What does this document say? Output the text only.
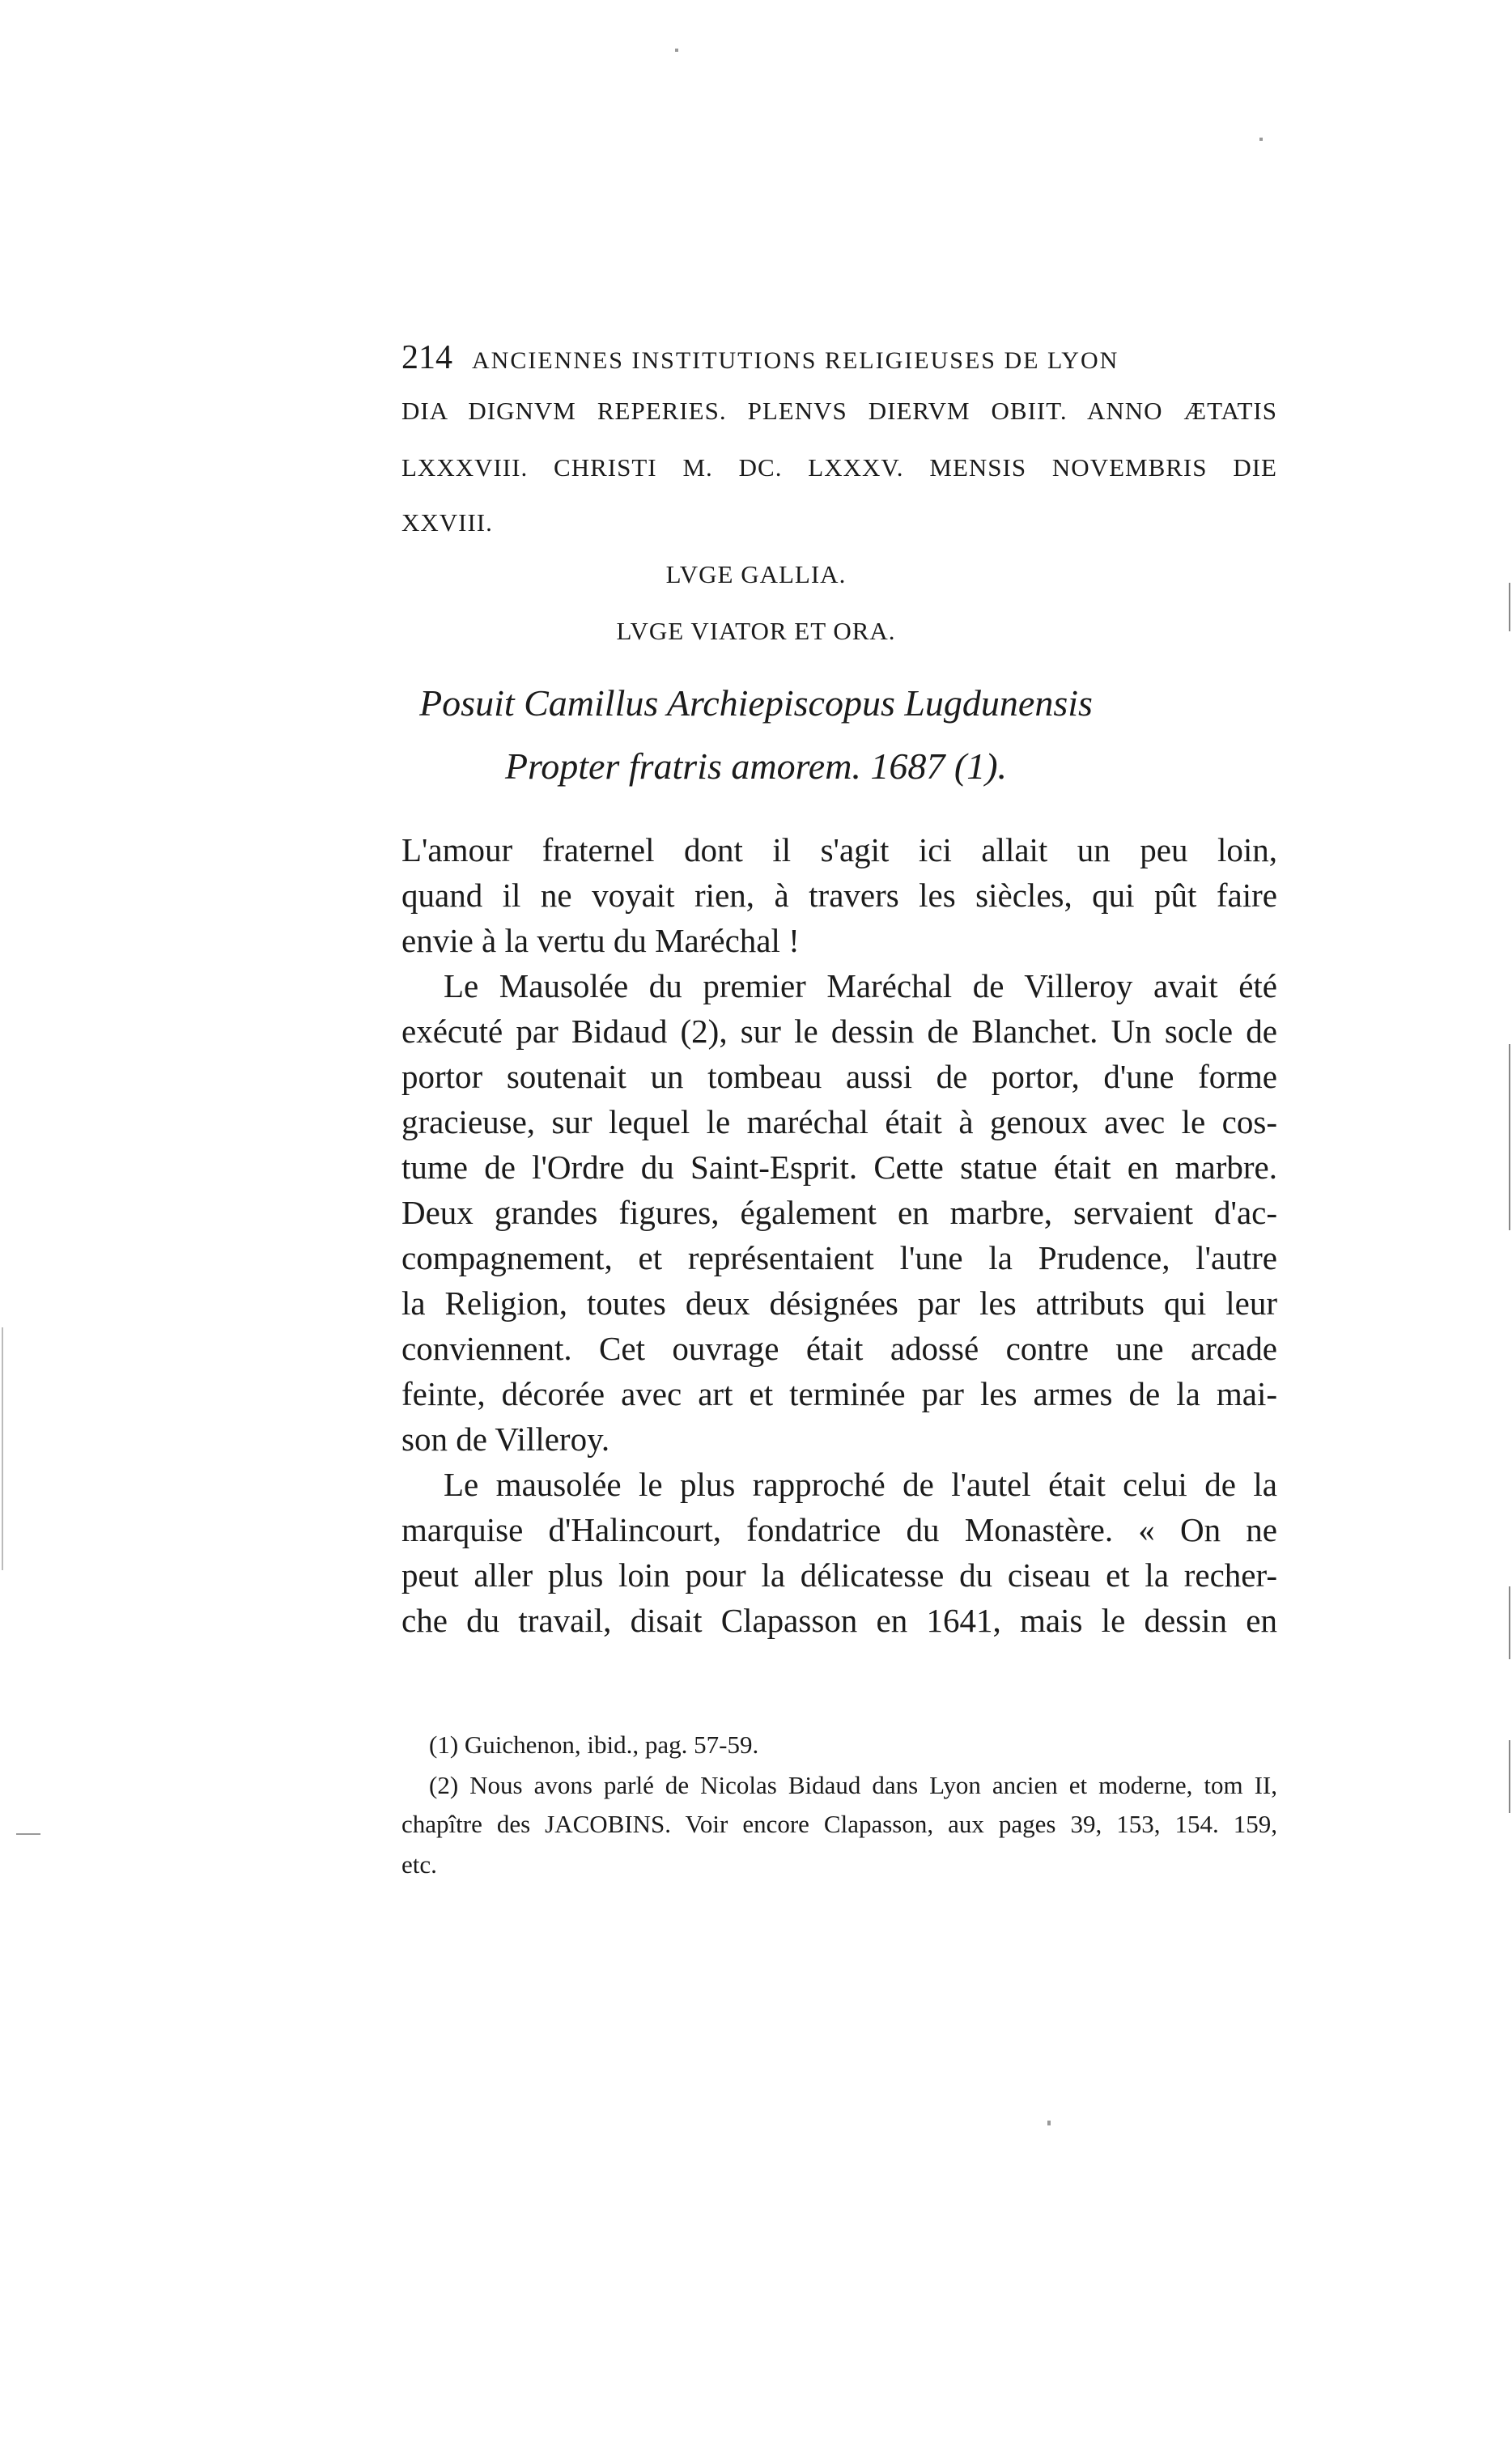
214 ANCIENNES INSTITUTIONS RELIGIEUSES DE LYON
DIA DIGNVM REPERIES. PLENVS DIERVM OBIIT. ANNO ÆTATIS
LXXXVIII. CHRISTI M. DC. LXXXV. MENSIS NOVEMBRIS DIE
XXVIII.
LVGE GALLIA.
LVGE VIATOR ET ORA.
Posuit Camillus Archiepiscopus Lugdunensis
Propter fratris amorem. 1687 (1).
L'amour fraternel dont il s'agit ici allait un peu loin,
quand il ne voyait rien, à travers les siècles, qui pût faire
envie à la vertu du Maréchal !
Le Mausolée du premier Maréchal de Villeroy avait été
exécuté par Bidaud (2), sur le dessin de Blanchet. Un socle de
portor soutenait un tombeau aussi de portor, d'une forme
gracieuse, sur lequel le maréchal était à genoux avec le cos-
tume de l'Ordre du Saint-Esprit. Cette statue était en marbre.
Deux grandes figures, également en marbre, servaient d'ac-
compagnement, et représentaient l'une la Prudence, l'autre
la Religion, toutes deux désignées par les attributs qui leur
conviennent. Cet ouvrage était adossé contre une arcade
feinte, décorée avec art et terminée par les armes de la mai-
son de Villeroy.
Le mausolée le plus rapproché de l'autel était celui de la
marquise d'Halincourt, fondatrice du Monastère. « On ne
peut aller plus loin pour la délicatesse du ciseau et la recher-
che du travail, disait Clapasson en 1641, mais le dessin en
(1) Guichenon, ibid., pag. 57-59.
(2) Nous avons parlé de Nicolas Bidaud dans Lyon ancien et moderne, tom II,
chapître des JACOBINS. Voir encore Clapasson, aux pages 39, 153, 154. 159,
etc.
